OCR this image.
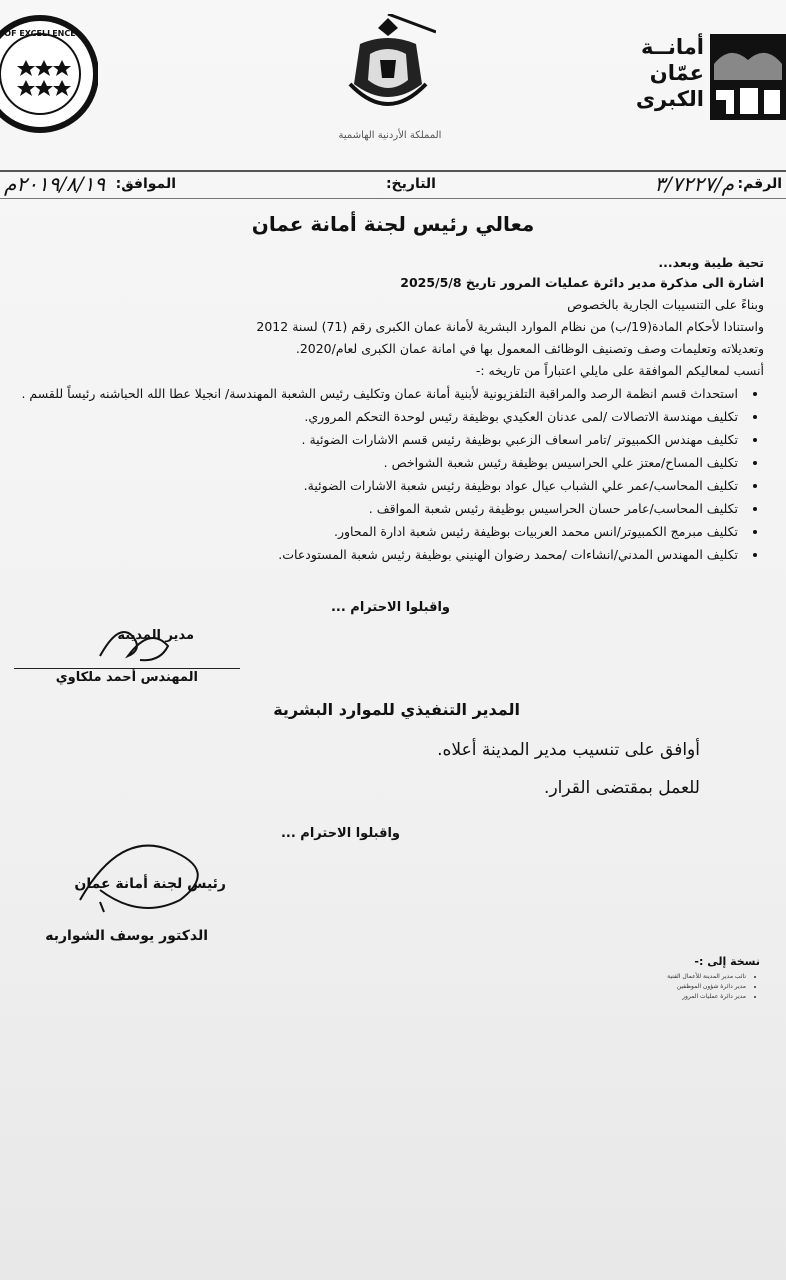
OF EXCELLENCE
المملكة الأردنية الهاشمية
أمانــة
عمّان
الكبرى
الرقم:
م/٣/٧٢٢٧
التاريخ:
الموافق:
٢٠١٩/٨/١٩م
معالي رئيس لجنة أمانة عمان
تحية طيبة وبعد...
اشارة الى مذكرة مدير دائرة عمليات المرور تاريخ 2025/5/8
وبناءً على التنسيبات الجارية بالخصوص
واستنادا لأحكام المادة(19/ب) من نظام الموارد البشرية لأمانة عمان الكبرى رقم (71) لسنة 2012
وتعديلاته وتعليمات وصف وتصنيف الوظائف المعمول بها في امانة عمان الكبرى لعام/2020.
أنسب لمعاليكم الموافقة على مايلي اعتباراً من تاريخه :-
• استحداث قسم انظمة الرصد والمراقبة التلفزيونية لأبنية أمانة عمان وتكليف رئيس الشعبة المهندسة/ انجيلا عطا الله الحباشنه رئيساً للقسم .
• تكليف مهندسة الاتصالات /لمى عدنان العكيدي بوظيفة رئيس لوحدة التحكم المروري.
• تكليف مهندس الكمبيوتر /تامر اسعاف الزعبي بوظيفة رئيس قسم الاشارات الضوئية .
• تكليف المساح/معتز علي الحراسيس بوظيفة رئيس شعبة الشواخص .
• تكليف المحاسب/عمر علي الشباب عيال عواد بوظيفة رئيس شعبة الاشارات الضوئية.
• تكليف المحاسب/عامر حسان الحراسيس بوظيفة رئيس شعبة المواقف .
• تكليف مبرمج الكمبيوتر/انس محمد العربيات بوظيفة رئيس شعبة ادارة المحاور.
• تكليف المهندس المدني/انشاءات /محمد رضوان الهنيني بوظيفة رئيس شعبة المستودعات.
واقبلوا الاحترام ...
مدير المدينة
المهندس أحمد ملكاوي
المدير التنفيذي للموارد البشرية
أوافق على تنسيب مدير المدينة أعلاه.
للعمل بمقتضى القرار.
واقبلوا الاحترام ...
رئيس لجنة أمانة عمان
الدكتور يوسف الشواربه
نسخة إلى :-
• نائب مدير المدينة للأعمال الفنية
• مدير دائرة شؤون الموظفين
• مدير دائرة عمليات المرور
